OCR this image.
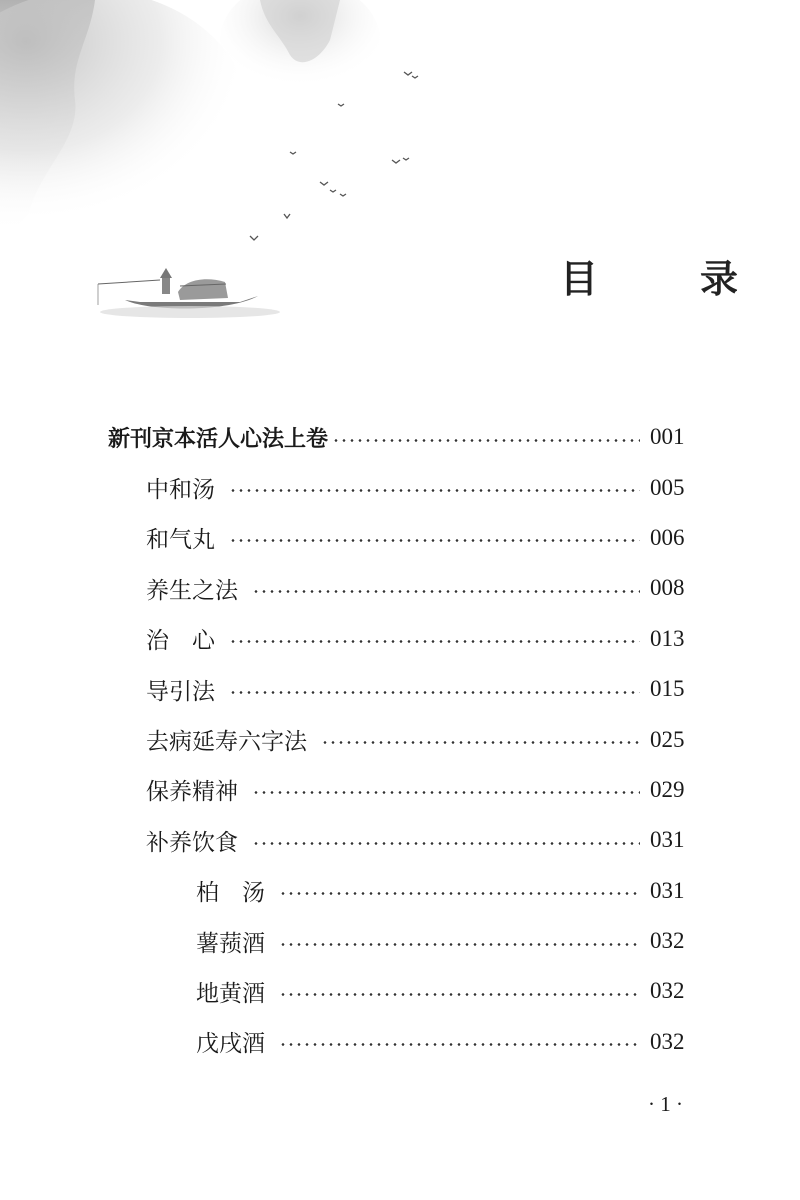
目　录
新刊京本活人心法上卷	001
中和汤	005
和气丸	006
养生之法	008
治　心	013
导引法	015
去病延寿六字法	025
保养精神	029
补养饮食	031
柏　汤	031
薯蓣酒	032
地黄酒	032
戊戌酒	032
· 1 ·
